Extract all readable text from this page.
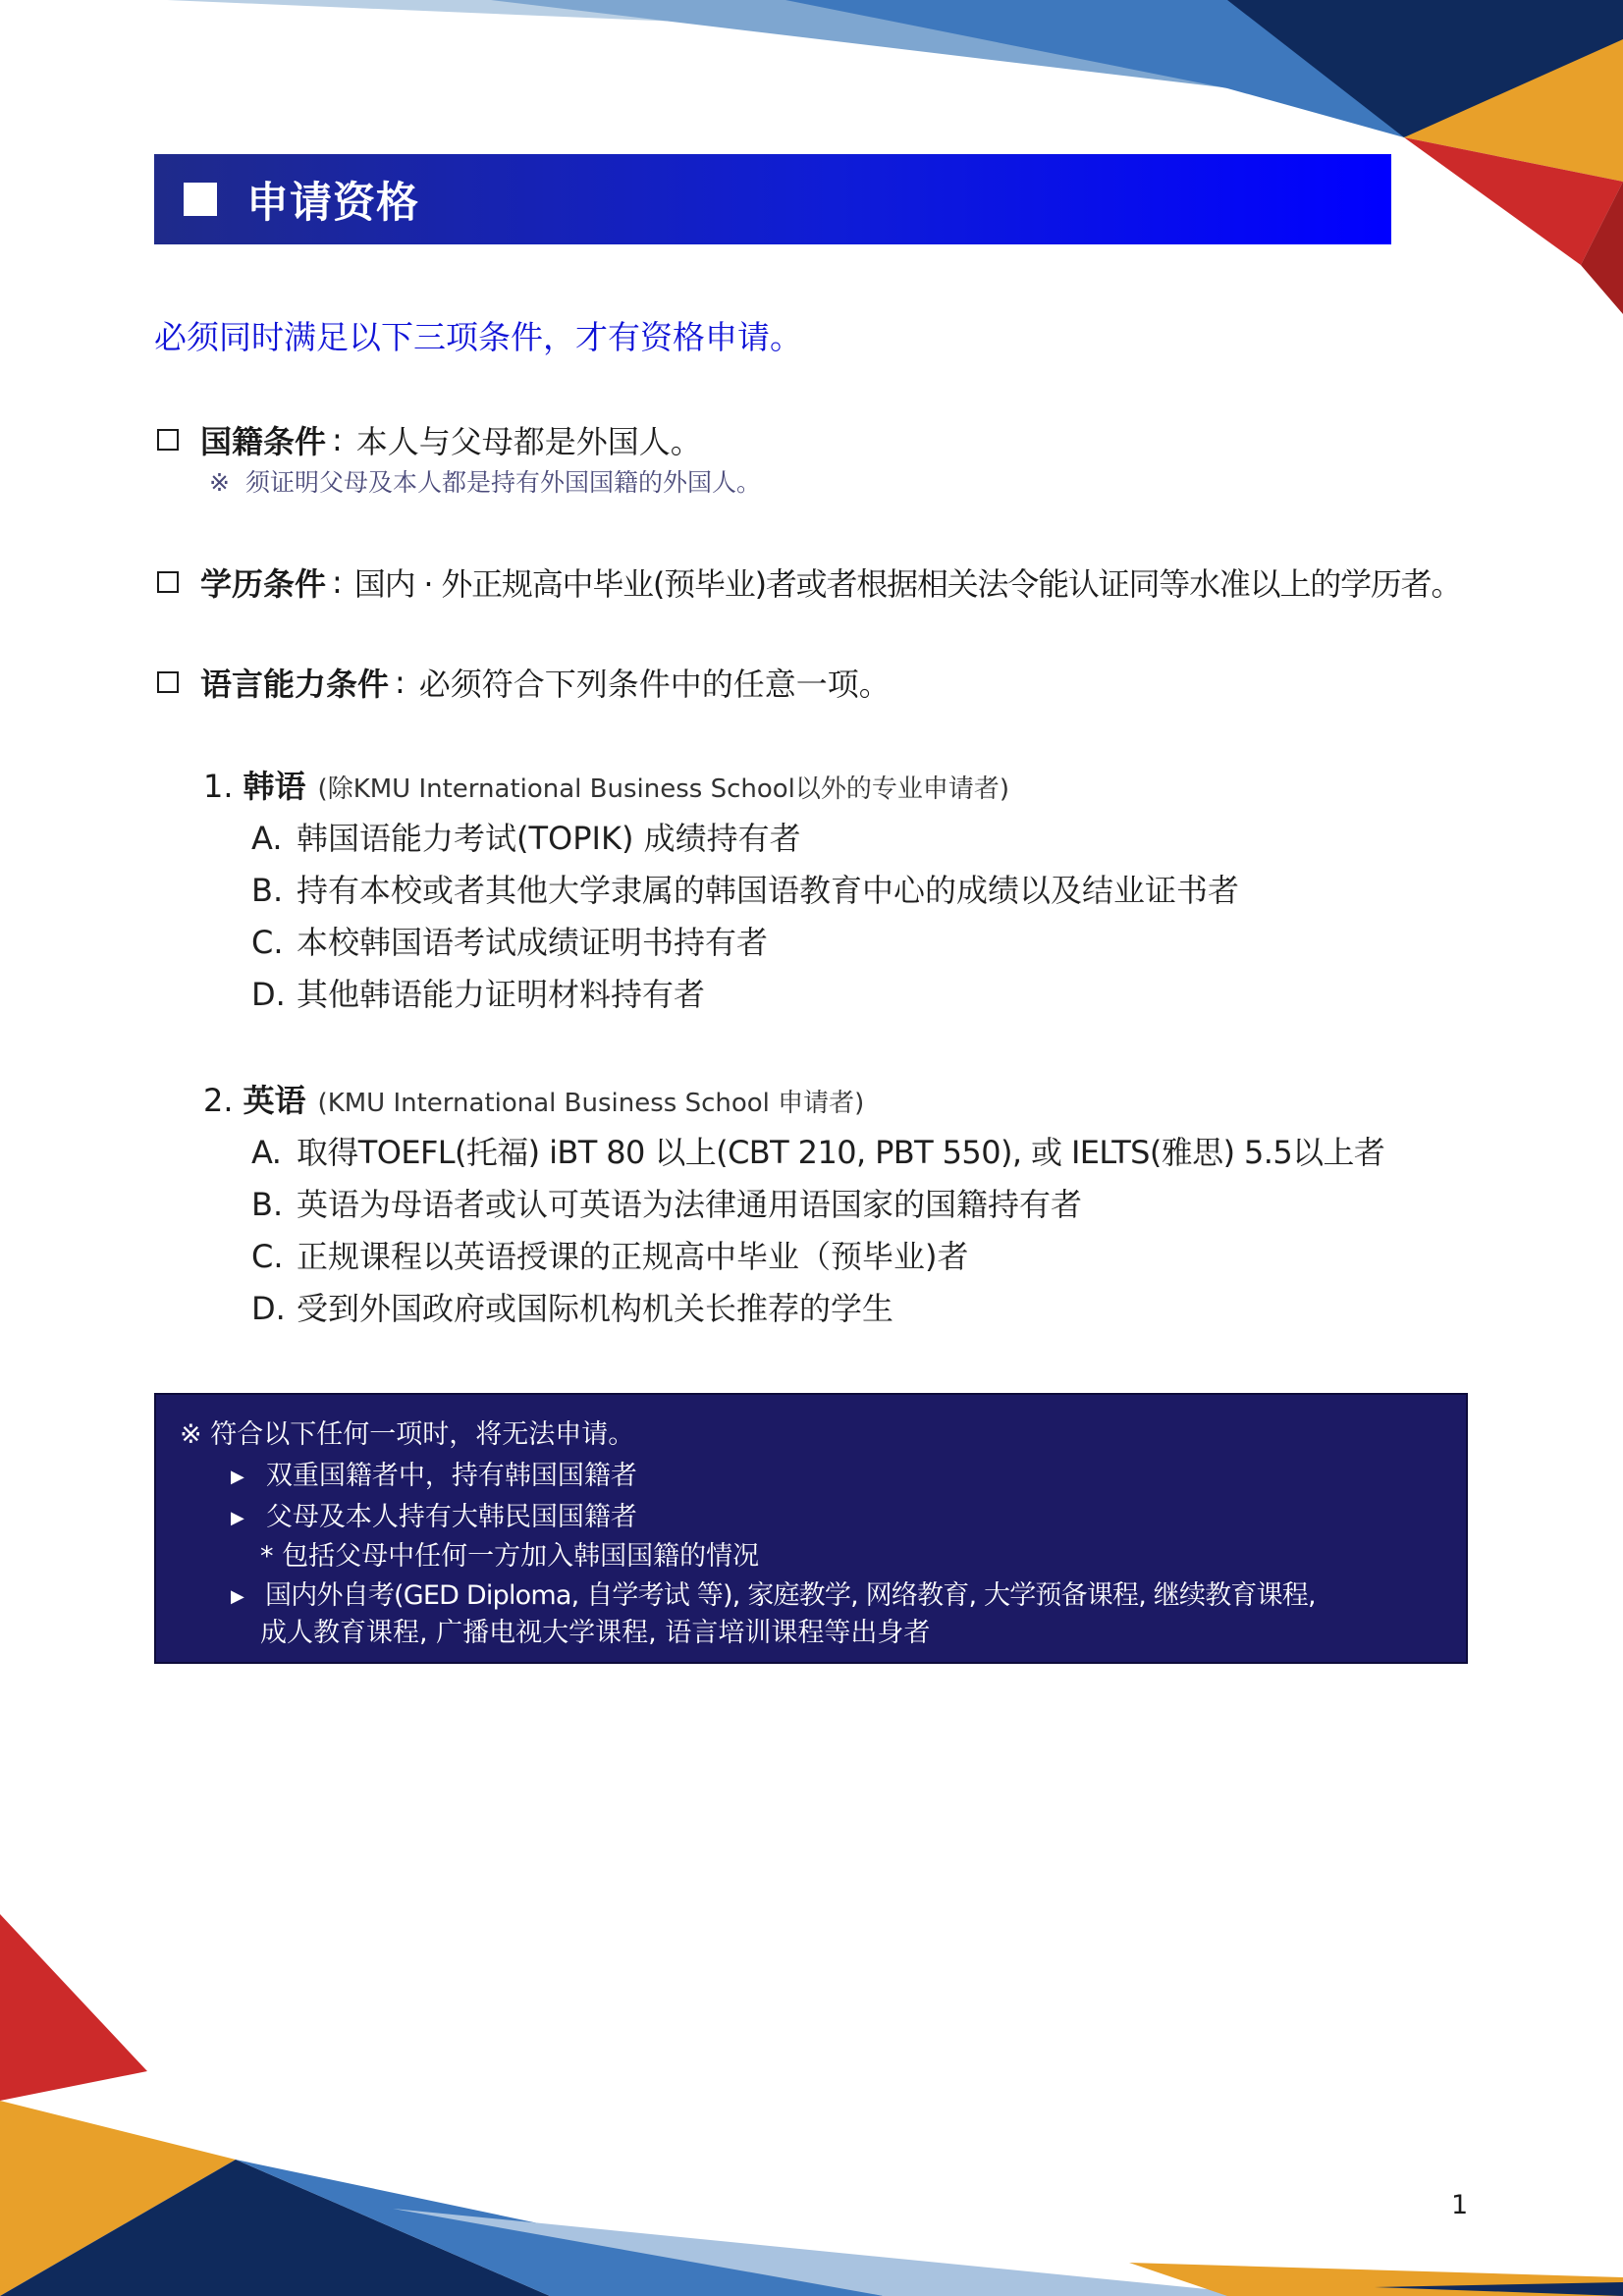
申请资格
必须同时满足以下三项条件，才有资格申请。
国籍条件 : 本人与父母都是外国人。
※ 须证明父母及本人都是持有外国国籍的外国人。
学历条件 : 国内 · 外正规高中毕业(预毕业)者或者根据相关法令能认证同等水准以上的学历者。
语言能力条件 : 必须符合下列条件中的任意一项。
1. 韩语 (除KMU International Business School以外的专业申请者)
A. 韩国语能力考试(TOPIK) 成绩持有者
B. 持有本校或者其他大学隶属的韩国语教育中心的成绩以及结业证书者
C. 本校韩国语考试成绩证明书持有者
D. 其他韩语能力证明材料持有者
2. 英语 (KMU International Business School 申请者)
A. 取得TOEFL(托福) iBT 80 以上(CBT 210, PBT 550), 或 IELTS(雅思) 5.5以上者
B. 英语为母语者或认可英语为法律通用语国家的国籍持有者
C. 正规课程以英语授课的正规高中毕业（预毕业)者
D. 受到外国政府或国际机构机关长推荐的学生
※ 符合以下任何一项时，将无法申请。
▶ 双重国籍者中，持有韩国国籍者
▶ 父母及本人持有大韩民国国籍者
* 包括父母中任何一方加入韩国国籍的情况
▶ 国内外自考(GED Diploma, 自学考试 等), 家庭教学, 网络教育, 大学预备课程, 继续教育课程,
成人教育课程, 广播电视大学课程, 语言培训课程等出身者
1
